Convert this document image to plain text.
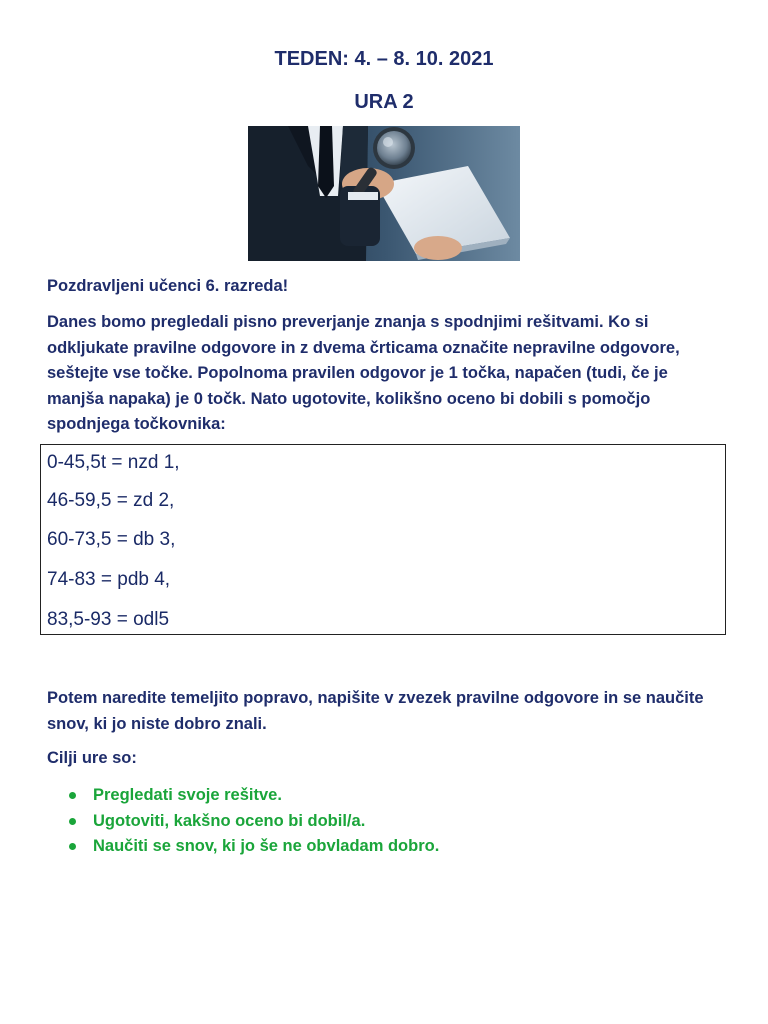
TEDEN: 4. – 8. 10. 2021
URA 2

Pozdravljeni učenci 6. razreda!

Danes bomo pregledali pisno preverjanje znanja s spodnjimi rešitvami. Ko si odkljukate pravilne odgovore in z dvema črticama označite nepravilne odgovore, seštejte vse točke. Popolnoma pravilen odgovor je 1 točka, napačen (tudi, če je manjša napaka) je 0 točk. Nato ugotovite, kolikšno oceno bi dobili s pomočjo spodnjega točkovnika:

0-45,5t = nzd 1,
46-59,5 = zd 2,
60-73,5 = db 3,
74-83 = pdb 4,
83,5-93 = odl5

Potem naredite temeljito popravo, napišite v zvezek pravilne odgovore in se naučite snov, ki jo niste dobro znali.

Cilji ure so:

Pregledati svoje rešitve.
Ugotoviti, kakšno oceno bi dobil/a.
Naučiti se snov, ki jo še ne obvladam dobro.
